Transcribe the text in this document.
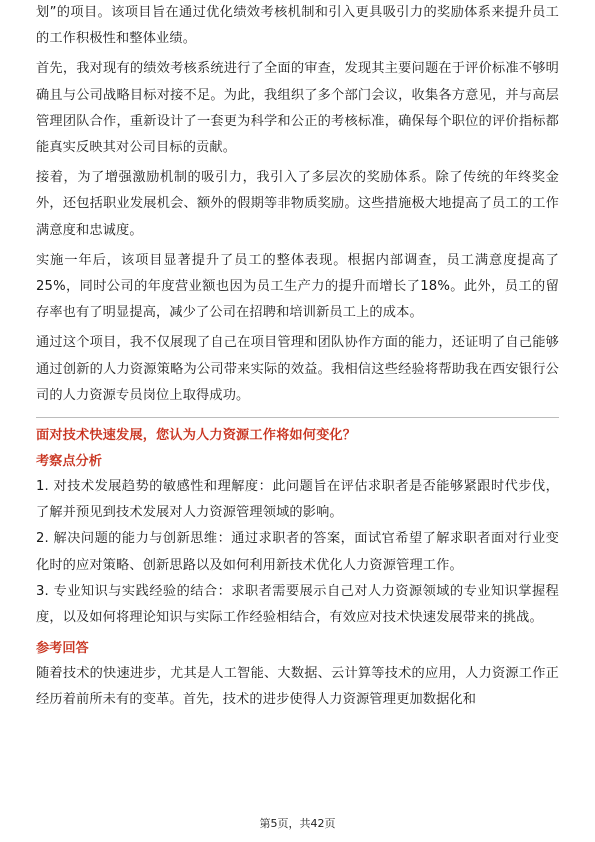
划”的项目。该项目旨在通过优化绩效考核机制和引入更具吸引力的奖励体系来提升员工的工作积极性和整体业绩。

首先，我对现有的绩效考核系统进行了全面的审查，发现其主要问题在于评价标准不够明确且与公司战略目标对接不足。为此，我组织了多个部门会议，收集各方意见，并与高层管理团队合作，重新设计了一套更为科学和公正的考核标准，确保每个职位的评价指标都能真实反映其对公司目标的贡献。

接着，为了增强激励机制的吸引力，我引入了多层次的奖励体系。除了传统的年终奖金外，还包括职业发展机会、额外的假期等非物质奖励。这些措施极大地提高了员工的工作满意度和忠诚度。

实施一年后，该项目显著提升了员工的整体表现。根据内部调查，员工满意度提高了25%，同时公司的年度营业额也因为员工生产力的提升而增长了18%。此外，员工的留存率也有了明显提高，减少了公司在招聘和培训新员工上的成本。

通过这个项目，我不仅展现了自己在项目管理和团队协作方面的能力，还证明了自己能够通过创新的人力资源策略为公司带来实际的效益。我相信这些经验将帮助我在西安银行公司的人力资源专员岗位上取得成功。

面对技术快速发展，您认为人力资源工作将如何变化？
考察点分析

1. 对技术发展趋势的敏感性和理解度：此问题旨在评估求职者是否能够紧跟时代步伐，了解并预见到技术发展对人力资源管理领域的影响。

2. 解决问题的能力与创新思维：通过求职者的答案，面试官希望了解求职者面对行业变化时的应对策略、创新思路以及如何利用新技术优化人力资源管理工作。

3. 专业知识与实践经验的结合：求职者需要展示自己对人力资源领域的专业知识掌握程度，以及如何将理论知识与实际工作经验相结合，有效应对技术快速发展带来的挑战。

参考回答

随着技术的快速进步，尤其是人工智能、大数据、云计算等技术的应用，人力资源工作正经历着前所未有的变革。首先，技术的进步使得人力资源管理更加数据化和

第5页，共42页
